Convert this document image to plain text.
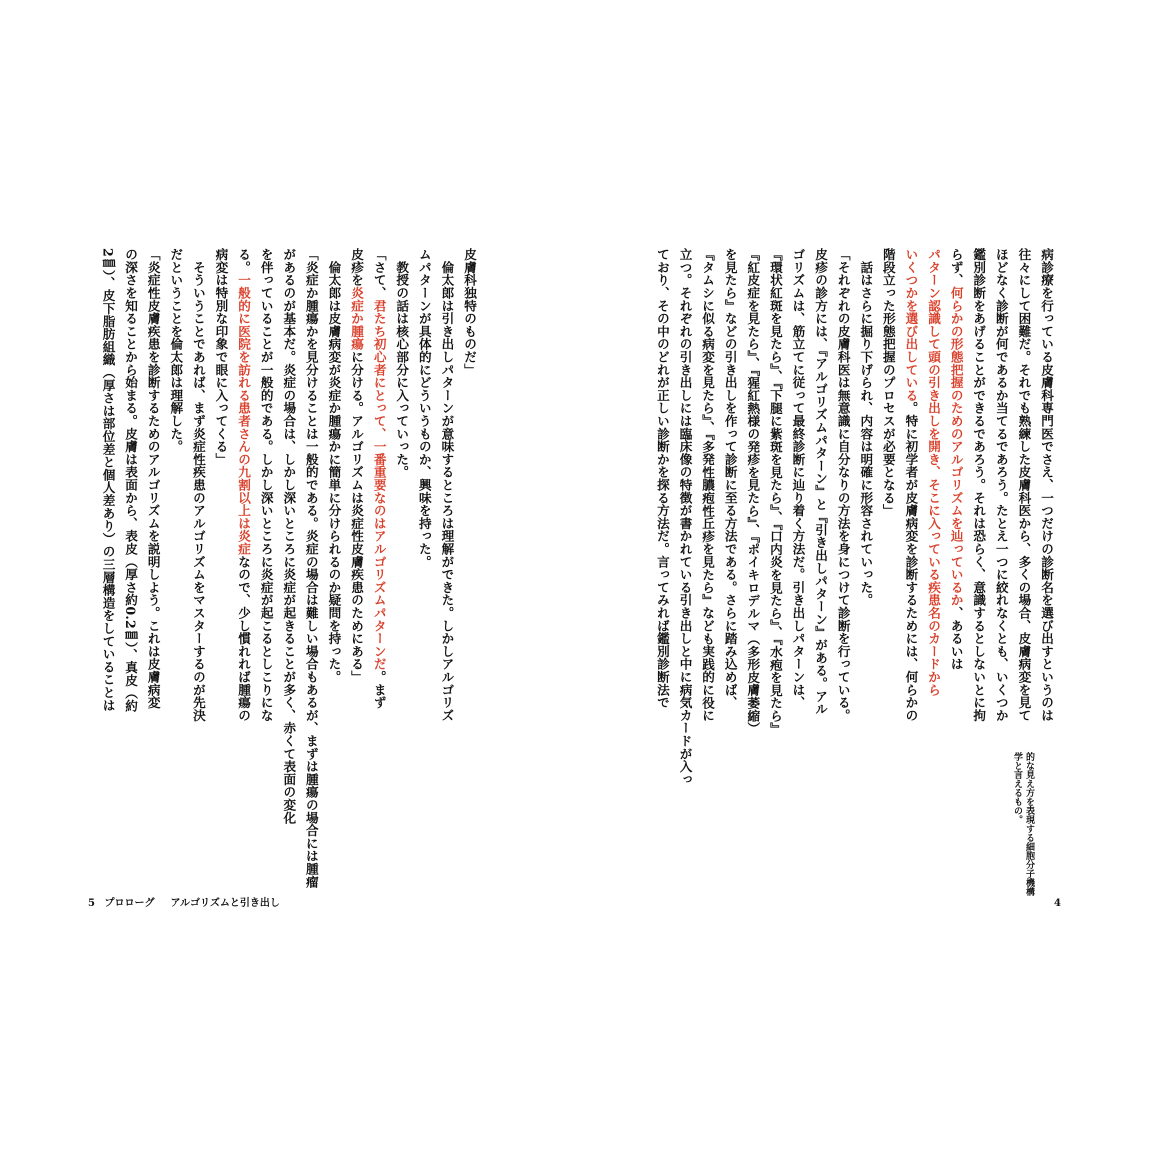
皮膚科独特のものだ」

　倫太郎は引き出しパターンが意味するところは理解ができた。しかしアルゴリズ

ムパターンが具体的にどういうものか、興味を持った。

　教授の話は核心部分に入っていった。

「さて、君たち初心者にとって、一番重要なのはアルゴリズムパターンだ。まず

皮疹を炎症か腫瘍に分ける。アルゴリズムは炎症性皮膚疾患のためにある」

　倫太郎は皮膚病変が炎症か腫瘍かに簡単に分けられるのか疑問を持った。

「炎症か腫瘍かを見分けることは一般的である。炎症の場合は難しい場合もあるが、まずは腫瘍の場合には腫瘤

があるのが基本だ。炎症の場合は、しかし深いところに炎症が起きることが多く、赤くて表面の変化

を伴っていることが一般的である。しかし深いところに炎症が起こるとしこりにな

る。一般的に医院を訪れる患者さんの九割以上は炎症なので、少し慣れれば腫瘍の

病変は特別な印象で眼に入ってくる」

　そういうことであれば、まず炎症性疾患のアルゴリズムをマスターするのが先決

だということを倫太郎は理解した。

「炎症性皮膚疾患を診断するためのアルゴリズムを説明しよう。これは皮膚病変

の深さを知ることから始まる。皮膚は表面から、表皮（厚さ約0.2㎜）、真皮（約

2㎜）、皮下脂肪組織（厚さは部位差と個人差あり）の三層構造をしていることは

5 プロローグ アルゴリズムと引き出し

病診療を行っている皮膚科専門医でさえ、一つだけの診断名を選び出すというのは

往々にして困難だ。それでも熟練した皮膚科医から、多くの場合、皮膚病変を見て

ほどなく診断が何であるか当てるであろう。たとえ一つに絞れなくとも、いくつか

鑑別診断をあげることができるであろう。それは恐らく、意識するとしないとに拘

らず、何らかの形態把握のためのアルゴリズムを辿っているか、あるいは

パターン認識して頭の引き出しを開き、そこに入っている疾患名のカードから

いくつかを選び出している。特に初学者が皮膚病変を診断するためには、何らかの

階段立った形態把握のプロセスが必要となる」

　話はさらに掘り下げられ、内容は明確に形容されていった。

「それぞれの皮膚科医は無意識に自分なりの方法を身につけて診断を行っている。

皮疹の診方には、『アルゴリズムパターン』と『引き出しパターン』がある。アル

ゴリズムは、筋立てに従って最終診断に辿り着く方法だ。引き出しパターンは、

『環状紅斑を見たら』、『下腿に紫斑を見たら』、『口内炎を見たら』、『水疱を見たら』

『紅皮症を見たら』、『猩紅熱様の発疹を見たら』、『ポイキロデルマ（多形皮膚萎縮）

を見たら』などの引き出しを作って診断に至る方法である。さらに踏み込めば、

『タムシに似る病変を見たら』、『多発性膿疱性丘疹を見たら』なども実践的に役に

立つ。それぞれの引き出しには臨床像の特徴が書かれている引き出しと中に病気カードが入っ

ており、その中のどれが正しい診断かを探る方法だ。言ってみれば鑑別診断法で

的な見え方を表現する細胞分子機構

学と言えるもの。

4
